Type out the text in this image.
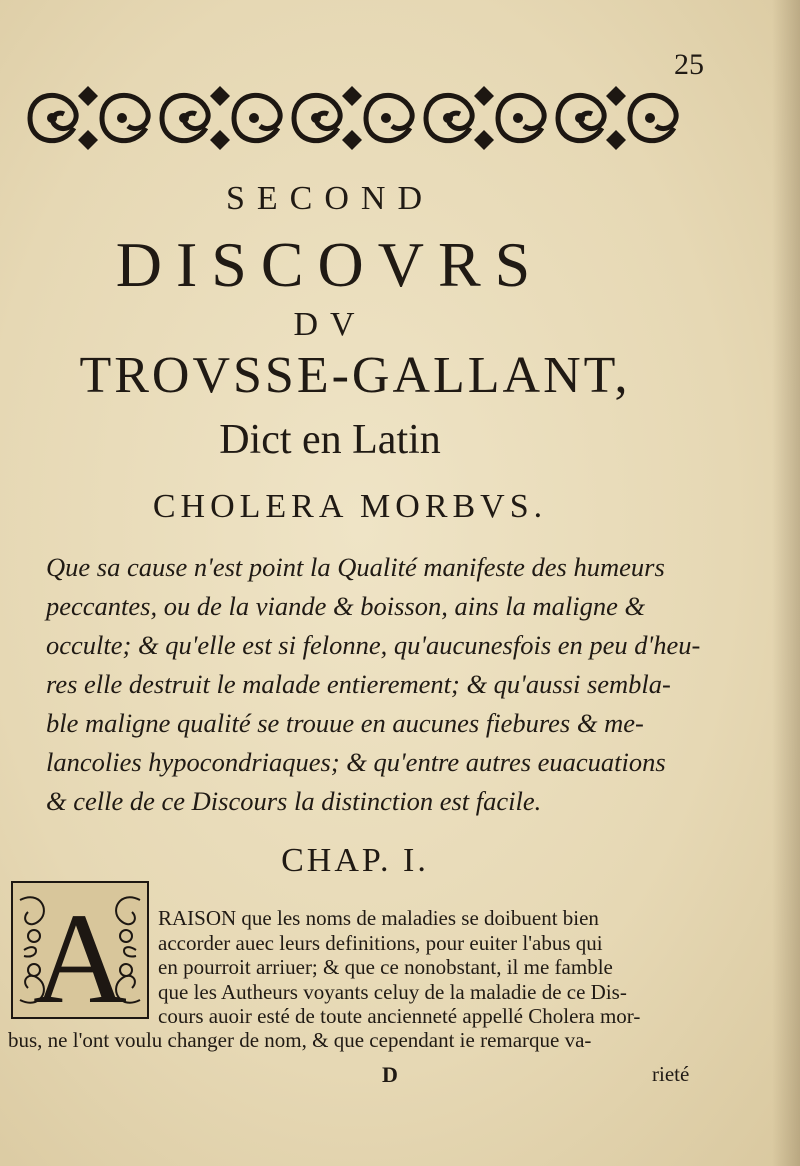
25
SECOND
DISCOVRS
DV
TROVSSE-GALLANT,
Dict en Latin
CHOLERA MORBVS.
Que sa cause n'est point la Qualité manifeste des humeurs
peccantes, ou de la viande & boisson, ains la maligne &
occulte; & qu'elle est si felonne, qu'aucunesfois en peu d'heu-
res elle destruit le malade entierement; & qu'aussi sembla-
ble maligne qualité se trouue en aucunes fiebures & me-
lancolies hypocondriaques; & qu'entre autres euacuations
& celle de ce Discours la distinction est facile.
CHAP. I.
A RAISON que les noms de maladies se doibuent bien
accorder auec leurs definitions, pour euiter l'abus qui
en pourroit arriuer; & que ce nonobstant, il me famble
que les Autheurs voyants celuy de la maladie de ce Dis-
cours auoir esté de toute ancienneté appellé Cholera mor-
bus, ne l'ont voulu changer de nom, & que cependant ie remarque va-
D	rieté
